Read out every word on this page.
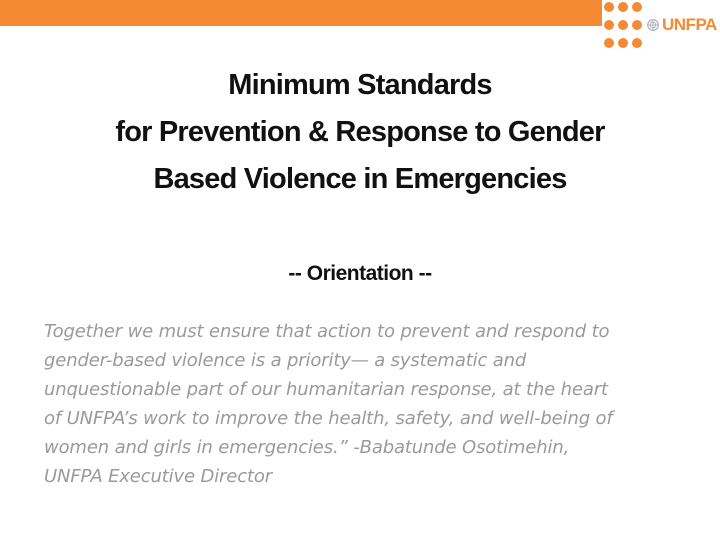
UNFPA
Minimum Standards
for Prevention & Response to Gender
Based Violence in Emergencies
-- Orientation --
Together we must ensure that action to prevent and respond to
gender-based violence is a priority— a systematic and
unquestionable part of our humanitarian response, at the heart
of UNFPA’s work to improve the health, safety, and well-being of
women and girls in emergencies.” -Babatunde Osotimehin,
UNFPA Executive Director
